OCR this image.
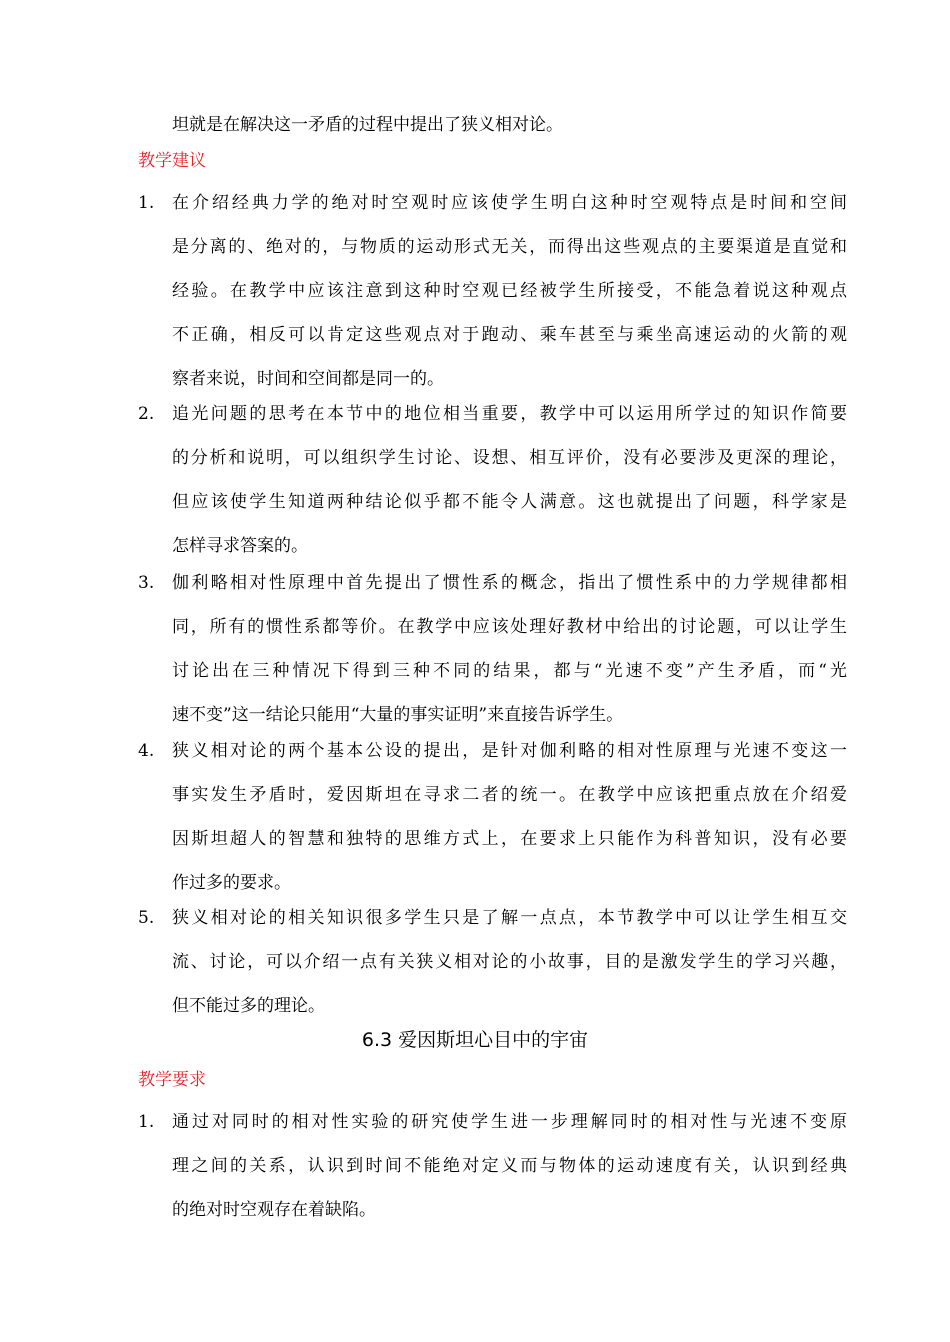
坦就是在解决这一矛盾的过程中提出了狭义相对论。
教学建议
1.	在介绍经典力学的绝对时空观时应该使学生明白这种时空观特点是时间和空间
是分离的、绝对的，与物质的运动形式无关，而得出这些观点的主要渠道是直觉和
经验。在教学中应该注意到这种时空观已经被学生所接受，不能急着说这种观点
不正确，相反可以肯定这些观点对于跑动、乘车甚至与乘坐高速运动的火箭的观
察者来说，时间和空间都是同一的。
2.	追光问题的思考在本节中的地位相当重要，教学中可以运用所学过的知识作简要
的分析和说明，可以组织学生讨论、设想、相互评价，没有必要涉及更深的理论，
但应该使学生知道两种结论似乎都不能令人满意。这也就提出了问题，科学家是
怎样寻求答案的。
3.	伽利略相对性原理中首先提出了惯性系的概念，指出了惯性系中的力学规律都相
同，所有的惯性系都等价。在教学中应该处理好教材中给出的讨论题，可以让学生
讨论出在三种情况下得到三种不同的结果，都与“光速不变”产生矛盾，而“光
速不变”这一结论只能用“大量的事实证明”来直接告诉学生。
4.	狭义相对论的两个基本公设的提出，是针对伽利略的相对性原理与光速不变这一
事实发生矛盾时，爱因斯坦在寻求二者的统一。在教学中应该把重点放在介绍爱
因斯坦超人的智慧和独特的思维方式上，在要求上只能作为科普知识，没有必要
作过多的要求。
5.	狭义相对论的相关知识很多学生只是了解一点点，本节教学中可以让学生相互交
流、讨论，可以介绍一点有关狭义相对论的小故事，目的是激发学生的学习兴趣，
但不能过多的理论。
6.3 爱因斯坦心目中的宇宙
教学要求
1.	通过对同时的相对性实验的研究使学生进一步理解同时的相对性与光速不变原
理之间的关系，认识到时间不能绝对定义而与物体的运动速度有关，认识到经典
的绝对时空观存在着缺陷。
